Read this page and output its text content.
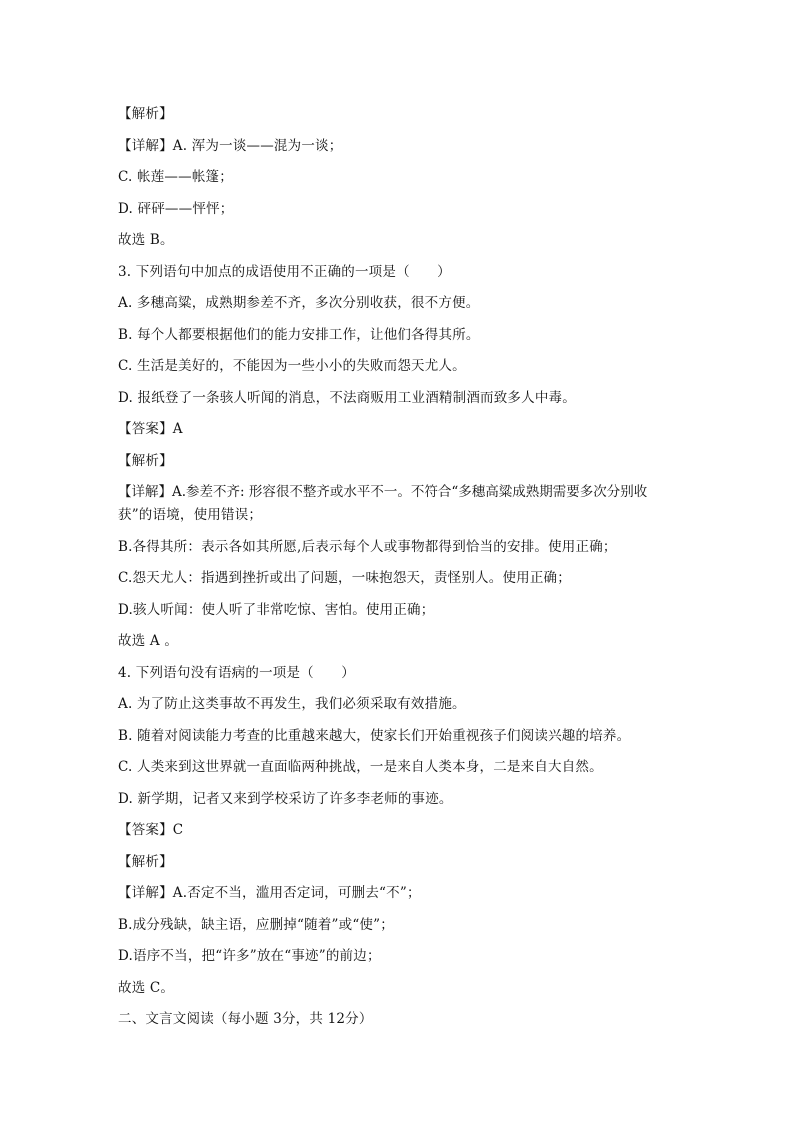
【解析】
【详解】A. 浑为一谈——混为一谈；
C. 帐莲——帐篷；
D. 砰砰——怦怦；
故选 B。
3. 下列语句中加点的成语使用不正确的一项是（　　）
A. 多穗高粱，成熟期参差不齐，多次分别收获，很不方便。
B. 每个人都要根据他们的能力安排工作，让他们各得其所。
C. 生活是美好的，不能因为一些小小的失败而怨天尤人。
D. 报纸登了一条骇人听闻的消息，不法商贩用工业酒精制酒而致多人中毒。
【答案】A
【解析】
【详解】A.参差不齐: 形容很不整齐或水平不一。不符合“多穗高粱成熟期需要多次分别收
获”的语境，使用错误；
B.各得其所：表示各如其所愿,后表示每个人或事物都得到恰当的安排。使用正确；
C.怨天尤人：指遇到挫折或出了问题，一味抱怨天，责怪别人。使用正确；
D.骇人听闻：使人听了非常吃惊、害怕。使用正确；
故选 A 。
4. 下列语句没有语病的一项是（　　）
A. 为了防止这类事故不再发生，我们必须采取有效措施。
B. 随着对阅读能力考查的比重越来越大，使家长们开始重视孩子们阅读兴趣的培养。
C. 人类来到这世界就一直面临两种挑战，一是来自人类本身，二是来自大自然。
D. 新学期，记者又来到学校采访了许多李老师的事迹。
【答案】C
【解析】
【详解】A.否定不当，滥用否定词，可删去“不”；
B.成分残缺，缺主语，应删掉“随着”或“使”；
D.语序不当，把“许多”放在“事迹”的前边；
故选 C。
二、文言文阅读（每小题 3分，共 12分）
